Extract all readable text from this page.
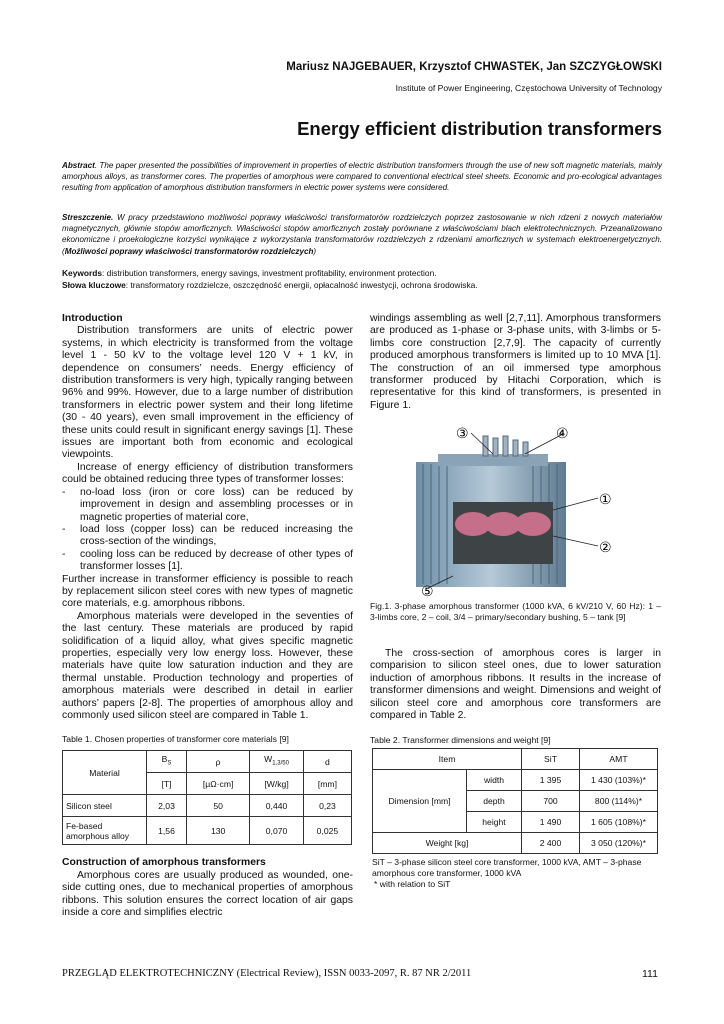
Mariusz NAJGEBAUER, Krzysztof CHWASTEK, Jan SZCZYGŁOWSKI
Institute of Power Engineering, Częstochowa University of Technology
Energy efficient distribution transformers
Abstract. The paper presented the possibilities of improvement in properties of electric distribution transformers through the use of new soft magnetic materials, mainly amorphous alloys, as transformer cores. The properties of amorphous were compared to conventional electrical steel sheets. Economic and pro-ecological advantages resulting from application of amorphous distribution transformers in electric power systems were considered.
Streszczenie. W pracy przedstawiono możliwości poprawy właściwości transformatorów rozdzielczych poprzez zastosowanie w nich rdzeni z nowych materiałów magnetycznych, głównie stopów amorficznych. Właściwości stopów amorficznych zostały porównane z właściwościami blach elektrotechnicznych. Przeanalizowano ekonomiczne i proekologiczne korzyści wynikające z wykorzystania transformatorów rozdzielczych z rdzeniami amorficznych w systemach elektroenergetycznych. (Możliwości poprawy właściwości transformatorów rozdzielczych)
Keywords: distribution transformers, energy savings, investment profitability, environment protection.
Słowa kluczowe: transformatory rozdzielcze, oszczędność energii, opłacalność inwestycji, ochrona środowiska.
Introduction

Distribution transformers are units of electric power systems, in which electricity is transformed from the voltage level 1 - 50 kV to the voltage level 120 V + 1 kV, in dependence on consumers’ needs. Energy efficiency of distribution transformers is very high, typically ranging between 96% and 99%. However, due to a large number of distribution transformers in electric power system and their long lifetime (30 - 40 years), even small improvement in the efficiency of these units could result in significant energy savings [1]. These issues are important both from economic and ecological viewpoints.

Increase of energy efficiency of distribution transformers could be obtained reducing three types of transformer losses:

-	no-load loss (iron or core loss) can be reduced by improvement in design and assembling processes or in magnetic properties of material core,
-	load loss (copper loss) can be reduced increasing the cross-section of the windings,
-	cooling loss can be reduced by decrease of other types of transformer losses [1].

Further increase in transformer efficiency is possible to reach by replacement silicon steel cores with new types of magnetic core materials, e.g. amorphous ribbons.

Amorphous materials were developed in the seventies of the last century. These materials are produced by rapid solidification of a liquid alloy, what gives specific magnetic properties, especially very low energy loss. However, these materials have quite low saturation induction and they are thermal unstable. Production technology and properties of amorphous materials were described in detail in earlier authors’ papers [2-8]. The properties of amorphous alloy and commonly used silicon steel are compared in Table 1.

Table 1. Chosen properties of transformer core materials [9]
Material	$B_S$	ρ	$W_{1,3/50}$	d
	[T]	[μΩ·cm]	[W/kg]	[mm]
Silicon steel	2,03	50	0,440	0,23
Fe-based amorphous alloy	1,56	130	0,070	0,025
Construction of amorphous transformers

Amorphous cores are usually produced as wounded, one-side cutting ones, due to mechanical properties of amorphous ribbons. This solution ensures the correct location of air gaps inside a core and simplifies electric

windings assembling as well [2,7,11]. Amorphous transformers are produced as 1-phase or 3-phase units, with 3-limbs or 5-limbs core construction [2,7,9]. The capacity of currently produced amorphous transformers is limited up to 10 MVA [1]. The construction of an oil immersed type amorphous transformer produced by Hitachi Corporation, which is representative for this kind of transformers, is presented in Figure 1.

③	④
①
②
⑤
Fig.1. 3-phase amorphous transformer (1000 kVA, 6 kV/210 V, 60 Hz): 1 – 3-limbs core, 2 – coil, 3/4 – primary/secondary bushing, 5 – tank [9]

The cross-section of amorphous cores is larger in comparision to silicon steel ones, due to lower saturation induction of amorphous ribbons. It results in the increase of transformer dimensions and weight. Dimensions and weight of silicon steel core and amorphous core transformers are compared in Table 2.

Table 2. Transformer dimensions and weight [9]
Item		SiT	AMT
Dimension [mm]	width	1 395	1 430 (103%)*
	depth	700	800 (114%)*
	height	1 490	1 605 (108%)*
Weight [kg]		2 400	3 050 (120%)*
SiT – 3-phase silicon steel core transformer, 1000 kVA, AMT – 3-phase amorphous core transformer, 1000 kVA
* with relation to SiT
PRZEGLĄD ELEKTROTECHNICZNY (Electrical Review), ISSN 0033-2097, R. 87 NR 2/2011	111
